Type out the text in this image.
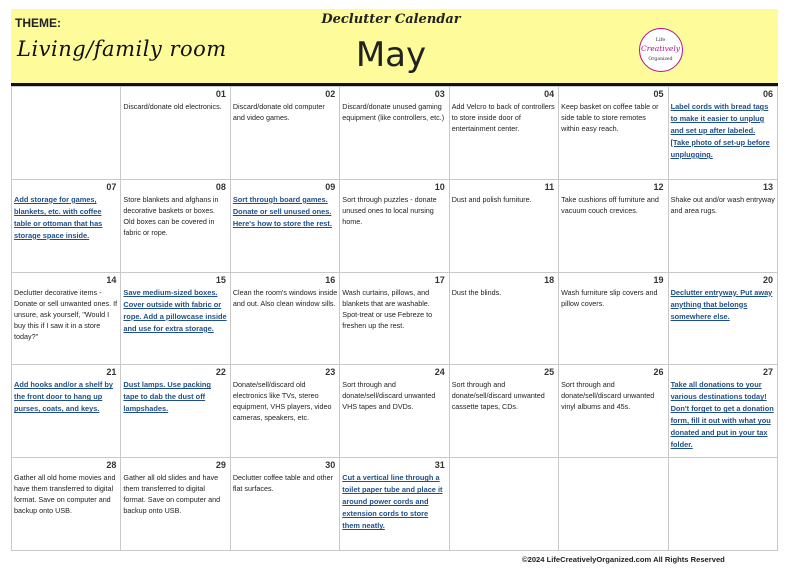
THEME:
Living/family room
Declutter Calendar
May	Life
Creatively
Organized
01
Discard/donate old electronics.
02
Discard/donate old computer and video games.
03
Discard/donate unused gaming equipment (like controllers, etc.)
04
Add Velcro to back of controllers to store inside door of entertainment center.
05
Keep basket on coffee table or side table to store remotes within easy reach.
06
Label cords with bread tags to make it easier to unplug and set up after labeled. [Take photo of set-up before unplugging.
07
Add storage for games, blankets, etc. with coffee table or ottoman that has storage space inside.
08
Store blankets and afghans in decorative baskets or boxes. Old boxes can be covered in fabric or rope.
09
Sort through board games. Donate or sell unused ones. Here's how to store the rest.
10
Sort through puzzles - donate unused ones to local nursing home.
11
Dust and polish furniture.
12
Take cushions off furniture and vacuum couch crevices.
13
Shake out and/or wash entryway and area rugs.
14
Declutter decorative items - Donate or sell unwanted ones. If unsure, ask yourself, "Would I buy this if I saw it in a store today?"
15
Save medium-sized boxes. Cover outside with fabric or rope. Add a pillowcase inside and use for extra storage.
16
Clean the room's windows inside and out. Also clean window sills.
17
Wash curtains, pillows, and blankets that are washable. Spot-treat or use Febreze to freshen up the rest.
18
Dust the blinds.
19
Wash furniture slip covers and pillow covers.
20
Declutter entryway. Put away anything that belongs somewhere else.
21
Add hooks and/or a shelf by the front door to hang up purses, coats, and keys.
22
Dust lamps. Use packing tape to dab the dust off lampshades.
23
Donate/sell/discard old electronics like TVs, stereo equipment, VHS players, video cameras, speakers, etc.
24
Sort through and donate/sell/discard unwanted VHS tapes and DVDs.
25
Sort through and donate/sell/discard unwanted cassette tapes, CDs.
26
Sort through and donate/sell/discard unwanted vinyl albums and 45s.
27
Take all donations to your various destinations today! Don't forget to get a donation form, fill it out with what you donated and put in your tax folder.
28
Gather all old home movies and have them transferred to digital format. Save on computer and backup onto USB.
29
Gather all old slides and have them transferred to digital format. Save on computer and backup onto USB.
30
Declutter coffee table and other flat surfaces.
31
Cut a vertical line through a toilet paper tube and place it around power cords and extension cords to store them neatly.
©2024 LifeCreativelyOrganized.com All Rights Reserved
